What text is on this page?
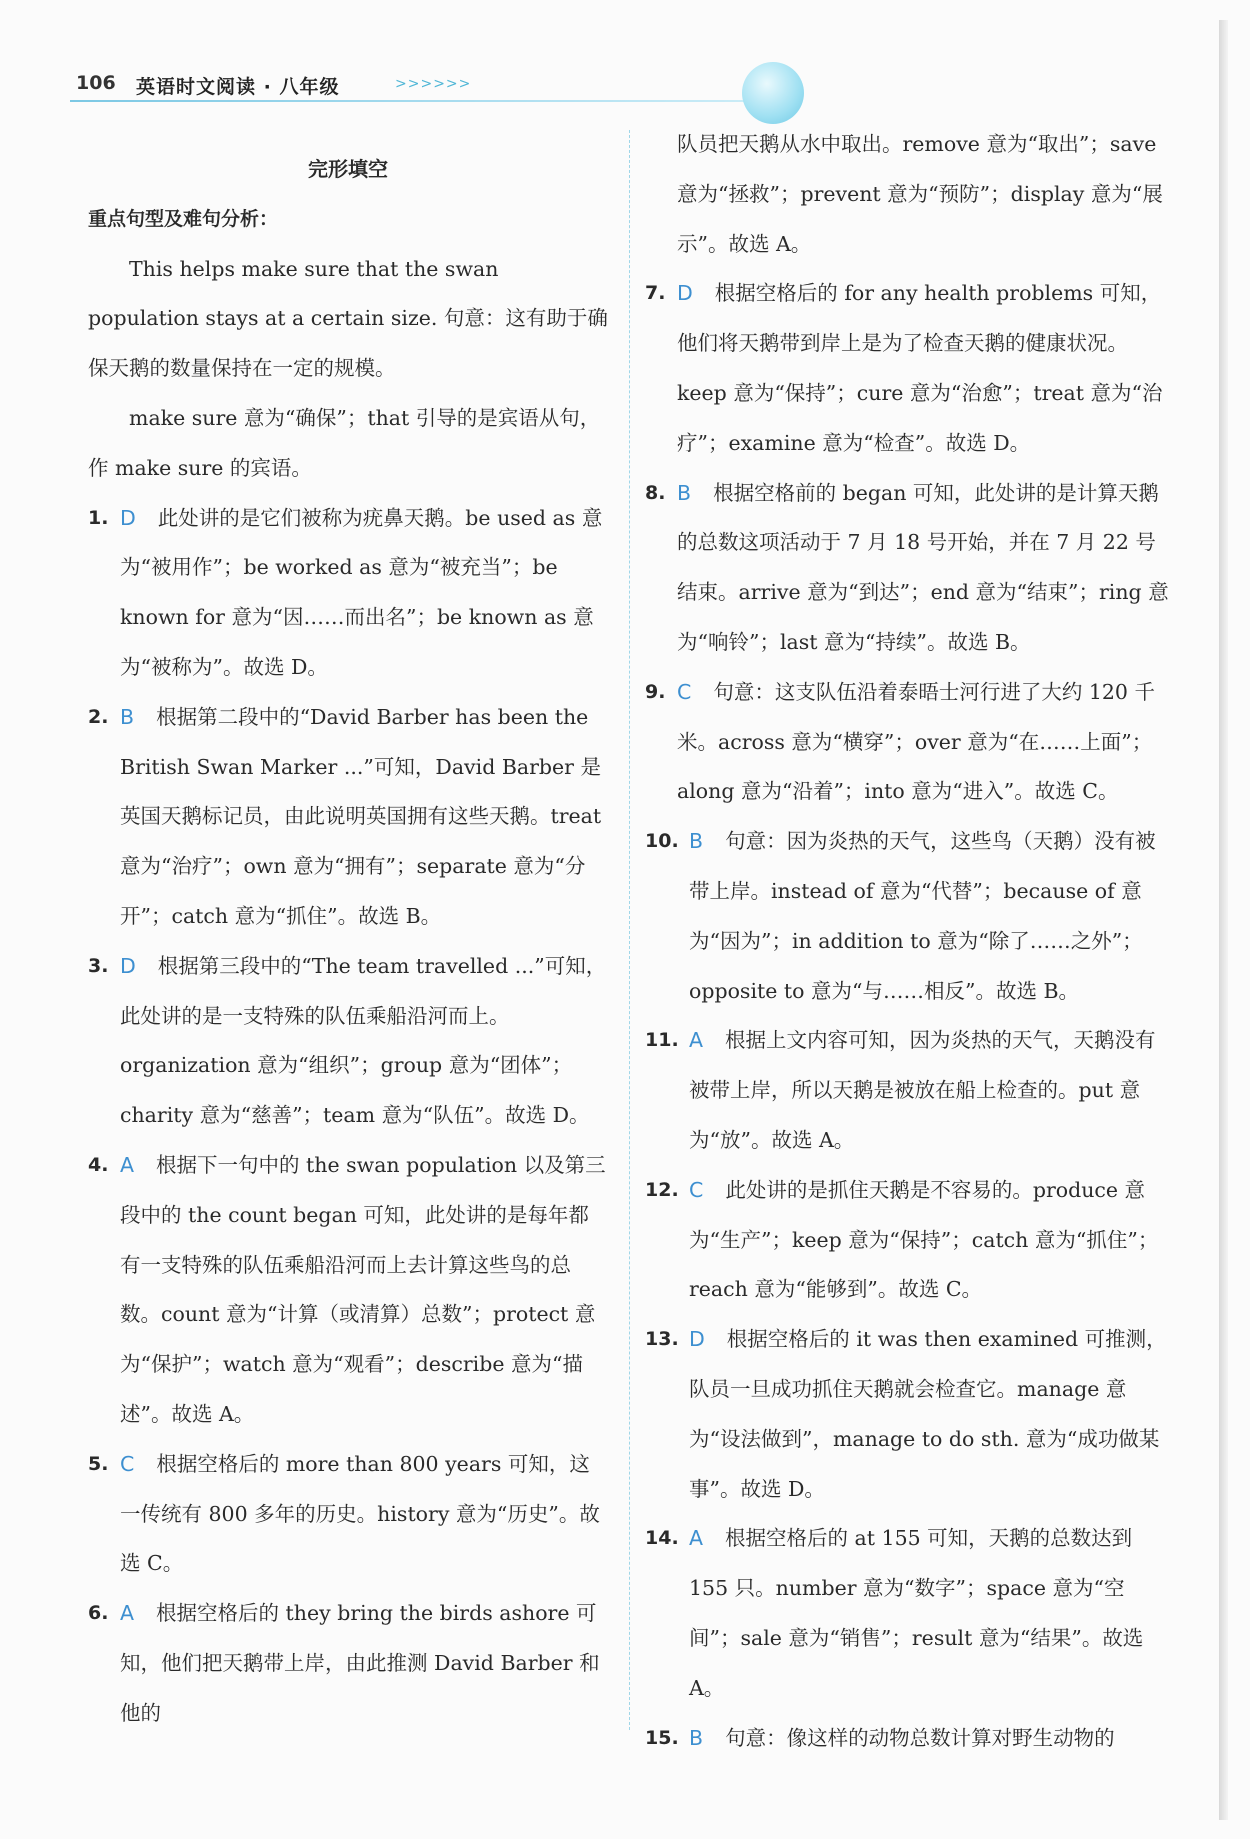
106 英语时文阅读 · 八年级	>>>>>>

完形填空

重点句型及难句分析：

This helps make sure that the swan population stays at a certain size. 句意：这有助于确保天鹅的数量保持在一定的规模。

make sure 意为“确保”；that 引导的是宾语从句，作 make sure 的宾语。

1. D 此处讲的是它们被称为疣鼻天鹅。be used as 意为“被用作”；be worked as 意为“被充当”；be known for 意为“因……而出名”；be known as 意为“被称为”。故选 D。

2. B 根据第二段中的“David Barber has been the British Swan Marker ...”可知，David Barber 是英国天鹅标记员，由此说明英国拥有这些天鹅。treat 意为“治疗”；own 意为“拥有”；separate 意为“分开”；catch 意为“抓住”。故选 B。

3. D 根据第三段中的“The team travelled ...”可知，此处讲的是一支特殊的队伍乘船沿河而上。organization 意为“组织”；group 意为“团体”；charity 意为“慈善”；team 意为“队伍”。故选 D。

4. A 根据下一句中的 the swan population 以及第三段中的 the count began 可知，此处讲的是每年都有一支特殊的队伍乘船沿河而上去计算这些鸟的总数。count 意为“计算（或清算）总数”；protect 意为“保护”；watch 意为“观看”；describe 意为“描述”。故选 A。

5. C 根据空格后的 more than 800 years 可知，这一传统有 800 多年的历史。history 意为“历史”。故选 C。

6. A 根据空格后的 they bring the birds ashore 可知，他们把天鹅带上岸，由此推测 David Barber 和他的

队员把天鹅从水中取出。remove 意为“取出”；save 意为“拯救”；prevent 意为“预防”；display 意为“展示”。故选 A。

7. D 根据空格后的 for any health problems 可知，他们将天鹅带到岸上是为了检查天鹅的健康状况。keep 意为“保持”；cure 意为“治愈”；treat 意为“治疗”；examine 意为“检查”。故选 D。

8. B 根据空格前的 began 可知，此处讲的是计算天鹅的总数这项活动于 7 月 18 号开始，并在 7 月 22 号结束。arrive 意为“到达”；end 意为“结束”；ring 意为“响铃”；last 意为“持续”。故选 B。

9. C 句意：这支队伍沿着泰晤士河行进了大约 120 千米。across 意为“横穿”；over 意为“在……上面”；along 意为“沿着”；into 意为“进入”。故选 C。

10. B 句意：因为炎热的天气，这些鸟（天鹅）没有被带上岸。instead of 意为“代替”；because of 意为“因为”；in addition to 意为“除了……之外”；opposite to 意为“与……相反”。故选 B。

11. A 根据上文内容可知，因为炎热的天气，天鹅没有被带上岸，所以天鹅是被放在船上检查的。put 意为“放”。故选 A。

12. C 此处讲的是抓住天鹅是不容易的。produce 意为“生产”；keep 意为“保持”；catch 意为“抓住”；reach 意为“能够到”。故选 C。

13. D 根据空格后的 it was then examined 可推测，队员一旦成功抓住天鹅就会检查它。manage 意为“设法做到”，manage to do sth. 意为“成功做某事”。故选 D。

14. A 根据空格后的 at 155 可知，天鹅的总数达到 155 只。number 意为“数字”；space 意为“空间”；sale 意为“销售”；result 意为“结果”。故选 A。

15. B 句意：像这样的动物总数计算对野生动物的
